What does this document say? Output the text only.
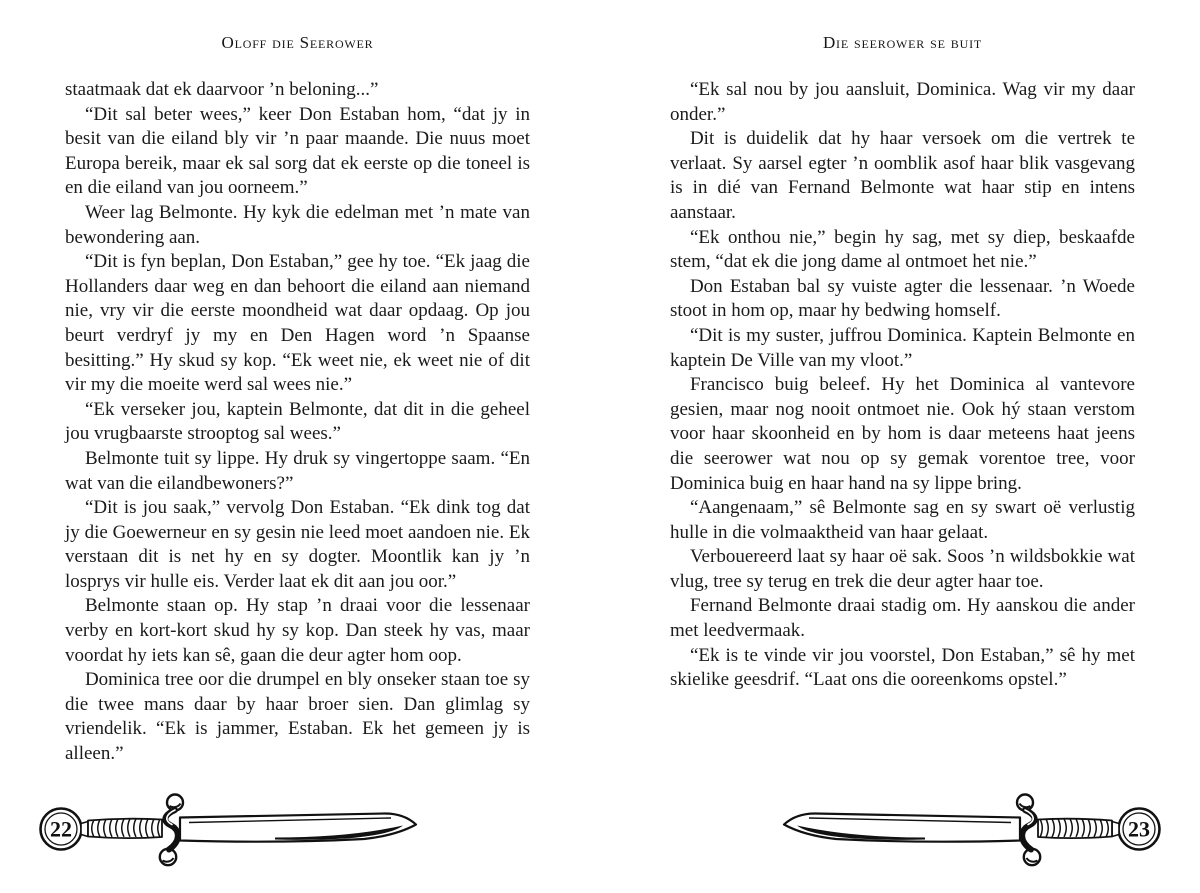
Oloff die Seerower

staatmaak dat ek daarvoor ’n beloning...”

“Dit sal beter wees,” keer Don Estaban hom, “dat jy in besit van die eiland bly vir ’n paar maande. Die nuus moet Europa bereik, maar ek sal sorg dat ek eerste op die toneel is en die eiland van jou oorneem.”

Weer lag Belmonte. Hy kyk die edelman met ’n mate van bewondering aan.

“Dit is fyn beplan, Don Estaban,” gee hy toe. “Ek jaag die Hollanders daar weg en dan behoort die eiland aan niemand nie, vry vir die eerste moondheid wat daar opdaag. Op jou beurt verdryf jy my en Den Hagen word ’n Spaanse besitting.” Hy skud sy kop. “Ek weet nie, ek weet nie of dit vir my die moeite werd sal wees nie.”

“Ek verseker jou, kaptein Belmonte, dat dit in die geheel jou vrugbaarste strooptog sal wees.”

Belmonte tuit sy lippe. Hy druk sy vingertoppe saam. “En wat van die eilandbewoners?”

“Dit is jou saak,” vervolg Don Estaban. “Ek dink tog dat jy die Goewerneur en sy gesin nie leed moet aandoen nie. Ek verstaan dit is net hy en sy dogter. Moontlik kan jy ’n losprys vir hulle eis. Verder laat ek dit aan jou oor.”

Belmonte staan op. Hy stap ’n draai voor die lessenaar verby en kort-kort skud hy sy kop. Dan steek hy vas, maar voordat hy iets kan sê, gaan die deur agter hom oop.

Dominica tree oor die drumpel en bly onseker staan toe sy die twee mans daar by haar broer sien. Dan glimlag sy vriendelik. “Ek is jammer, Estaban. Ek het gemeen jy is alleen.”

22
Die seerower se buit

“Ek sal nou by jou aansluit, Dominica. Wag vir my daar onder.”

Dit is duidelik dat hy haar versoek om die vertrek te verlaat. Sy aarsel egter ’n oomblik asof haar blik vasgevang is in dié van Fernand Belmonte wat haar stip en intens aanstaar.

“Ek onthou nie,” begin hy sag, met sy diep, beskaafde stem, “dat ek die jong dame al ontmoet het nie.”

Don Estaban bal sy vuiste agter die lessenaar. ’n Woede stoot in hom op, maar hy bedwing homself.

“Dit is my suster, juffrou Dominica. Kaptein Belmonte en kaptein De Ville van my vloot.”

Francisco buig beleef. Hy het Dominica al vantevore gesien, maar nog nooit ontmoet nie. Ook hý staan verstom voor haar skoonheid en by hom is daar meteens haat jeens die seerower wat nou op sy gemak vorentoe tree, voor Dominica buig en haar hand na sy lippe bring.

“Aangenaam,” sê Belmonte sag en sy swart oë verlustig hulle in die volmaaktheid van haar gelaat.

Verbouereerd laat sy haar oë sak. Soos ’n wildsbokkie wat vlug, tree sy terug en trek die deur agter haar toe.

Fernand Belmonte draai stadig om. Hy aanskou die ander met leedvermaak.

“Ek is te vinde vir jou voorstel, Don Estaban,” sê hy met skielike geesdrif. “Laat ons die ooreenkoms opstel.”

23
